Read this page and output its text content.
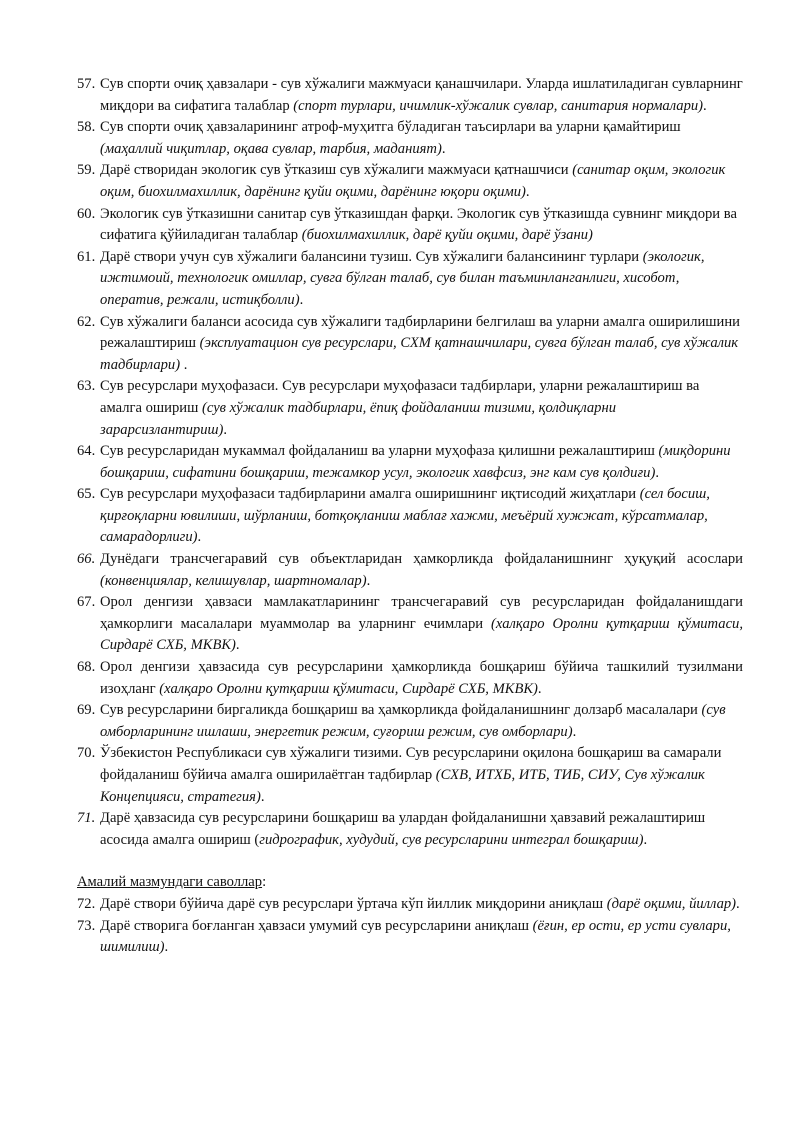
57. Сув спорти очиқ ҳавзалари - сув хўжалиги мажмуаси қанашчилари. Уларда ишлатиладиган сувларнинг миқдори ва сифатига талаблар (спорт турлари, ичимлик-хўжалик сувлар, санитария нормалари).
58. Сув спорти очиқ ҳавзаларининг атроф-муҳитга бўладиган таъсирлари ва уларни қамайтириш (маҳаллий чиқитлар, оқава сувлар, тарбия, маданият).
59. Дарё створидан экологик сув ўтказиш сув хўжалиги мажмуаси қатнашчиси (санитар оқим, экологик оқим, биохилмахиллик, дарёнинг қуйи оқими, дарёнинг юқори оқими).
60. Экологик сув ўтказишни санитар сув ўтказишдан фарқи. Экологик сув ўтказишда сувнинг миқдори ва сифатига қўйиладиган талаблар (биохилмахиллик, дарё қуйи оқими, дарё ўзани)
61. Дарё створи учун сув хўжалиги балансини тузиш. Сув хўжалиги балансининг турлари (экологик, ижтимоий, технологик омиллар, сувга бўлган талаб, сув билан таъминланганлиги, хисобот, оператив, режали, истиқболли).
62. Сув хўжалиги баланси асосида сув хўжалиги тадбирларини белгилаш ва уларни амалга оширилишини режалаштириш (эксплуатацион сув ресурслари, СХМ қатнашчилари, сувга бўлган талаб, сув хўжалик тадбирлари) .
63. Сув ресурслари муҳофазаси. Сув ресурслари муҳофазаси тадбирлари, уларни режалаштириш ва амалга ошириш (сув хўжалик тадбирлари, ёпиқ фойдаланиш тизими, қолдиқларни зарарсизлантириш).
64. Сув ресурсларидан мукаммал фойдаланиш ва уларни муҳофаза қилишни режалаштириш (миқдорини бошқариш, сифатини бошқариш, тежамкор усул, экологик хавфсиз, энг кам сув қолдиғи).
65. Сув ресурслари муҳофазаси тадбирларини амалга оширишнинг иқтисодий жиҳатлари (сел босиш, қирғоқларни ювилиши, шўрланиш, ботқоқланиш маблағ хажми, меъёрий хужжат, кўрсатмалар, самарадорлиги).
66. Дунёдаги трансчегаравий сув объектларидан ҳамкорликда фойдаланишнинг ҳуқуқий асослари (конвенциялар, келишувлар, шартномалар).
67. Орол денгизи ҳавзаси мамлакатларининг трансчегаравий сув ресурсларидан фойдаланишдаги ҳамкорлиги масалалари муаммолар ва уларнинг ечимлари (халқаро Оролни қутқариш қўмитаси, Сирдарё СХБ, МКВК).
68. Орол денгизи ҳавзасида сув ресурсларини ҳамкорликда бошқариш бўйича ташкилий тузилмани изоҳланг (халқаро Оролни қутқариш қўмитаси, Сирдарё СХБ, МКВК).
69. Сув ресурсларини биргаликда бошқариш ва ҳамкорликда фойдаланишнинг долзарб масалалари (сув омборларининг ишлаши, энергетик режим, суғориш режим, сув омборлари).
70. Ўзбекистон Республикаси сув хўжалиги тизими. Сув ресурсларини оқилона бошқариш ва самарали фойдаланиш бўйича амалга оширилаётган тадбирлар (СХВ, ИТХБ, ИТБ, ТИБ, СИУ, Сув хўжалик Концепцияси, стратегия).
71. Дарё ҳавзасида сув ресурсларини бошқариш ва улардан фойдаланишни ҳавзавий режалаштириш асосида амалга ошириш (гидрографик, худудий, сув ресурсларини интеграл бошқариш).
Амалий мазмундаги саволлар:
72. Дарё створи бўйича дарё сув ресурслари ўртача кўп йиллик миқдорини аниқлаш (дарё оқими, йиллар).
73. Дарё створига боғланган ҳавзаси умумий сув ресурсларини аниқлаш (ёғин, ер ости, ер усти сувлари, шимилиш).
